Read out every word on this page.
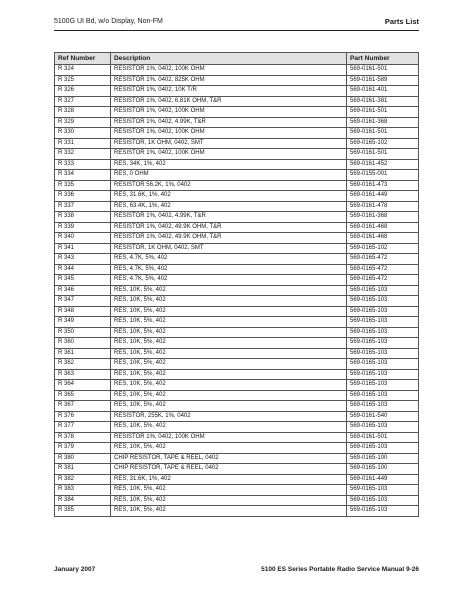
5100G UI Bd, w/o Display, Non-FM	Parts List
Ref Number	Description	Part Number
R 324	RESISTOR 1%, 0402, 100K OHM	569-0161-501
R 325	RESISTOR 1%, 0402, 825K OHM	569-0161-589
R 326	RESISTOR 1%, 0402, 10K T/R	569-0161-401
R 327	RESISTOR 1%, 0402, 6.81K OHM, T&R	569-0161-381
R 328	RESISTOR 1%, 0402, 100K OHM	569-0161-501
R 329	RESISTOR 1%, 0402, 4.99K, T&R	569-0161-368
R 330	RESISTOR 1%, 0402, 100K OHM	569-0161-501
R 331	RESISTOR, 1K OHM, 0402, SMT	569-0165-102
R 332	RESISTOR 1%, 0402, 100K OHM	569-0161-501
R 333	RES, 34K, 1%, 402	569-0161-452
R 334	RES, 0 OHM	569-0155-001
R 335	RESISTOR 56.2K, 1%, 0402	569-0161-473
R 336	RES, 31.6K, 1%, 402	569-0161-449
R 337	RES, 63.4K, 1%, 402	569-0161-478
R 338	RESISTOR 1%, 0402, 4.99K, T&R	569-0161-368
R 339	RESISTOR 1%, 0402, 49.9K OHM, T&R	569-0161-468
R 340	RESISTOR 1%, 0402, 49.9K OHM, T&R	569-0161-468
R 341	RESISTOR, 1K OHM, 0402, SMT	569-0165-102
R 343	RES, 4.7K, 5%, 402	569-0165-472
R 344	RES, 4.7K, 5%, 402	569-0165-472
R 345	RES, 4.7K, 5%, 402	569-0165-472
R 346	RES, 10K, 5%, 402	569-0165-103
R 347	RES, 10K, 5%, 402	569-0165-103
R 348	RES, 10K, 5%, 402	569-0165-103
R 349	RES, 10K, 5%, 402	569-0165-103
R 350	RES, 10K, 5%, 402	569-0165-103
R 360	RES, 10K, 5%, 402	569-0165-103
R 361	RES, 10K, 5%, 402	569-0165-103
R 362	RES, 10K, 5%, 402	569-0165-103
R 363	RES, 10K, 5%, 402	569-0165-103
R 364	RES, 10K, 5%, 402	569-0165-103
R 365	RES, 10K, 5%, 402	569-0165-103
R 367	RES, 10K, 5%, 402	569-0165-103
R 376	RESISTOR, 255K, 1%, 0402	569-0161-540
R 377	RES, 10K, 5%, 402	569-0165-103
R 378	RESISTOR 1%, 0402, 100K OHM	569-0161-501
R 379	RES, 10K, 5%, 402	569-0165-103
R 380	CHIP RESISTOR, TAPE & REEL, 0402	569-0165-100
R 381	CHIP RESISTOR, TAPE & REEL, 0402	569-0165-100
R 382	RES, 31.6K, 1%, 402	569-0161-449
R 383	RES, 10K, 5%, 402	569-0165-103
R 384	RES, 10K, 5%, 402	569-0165-103
R 385	RES, 10K, 5%, 402	569-0165-103
January 2007	5100 ES Series Portable Radio Service Manual 9-26
